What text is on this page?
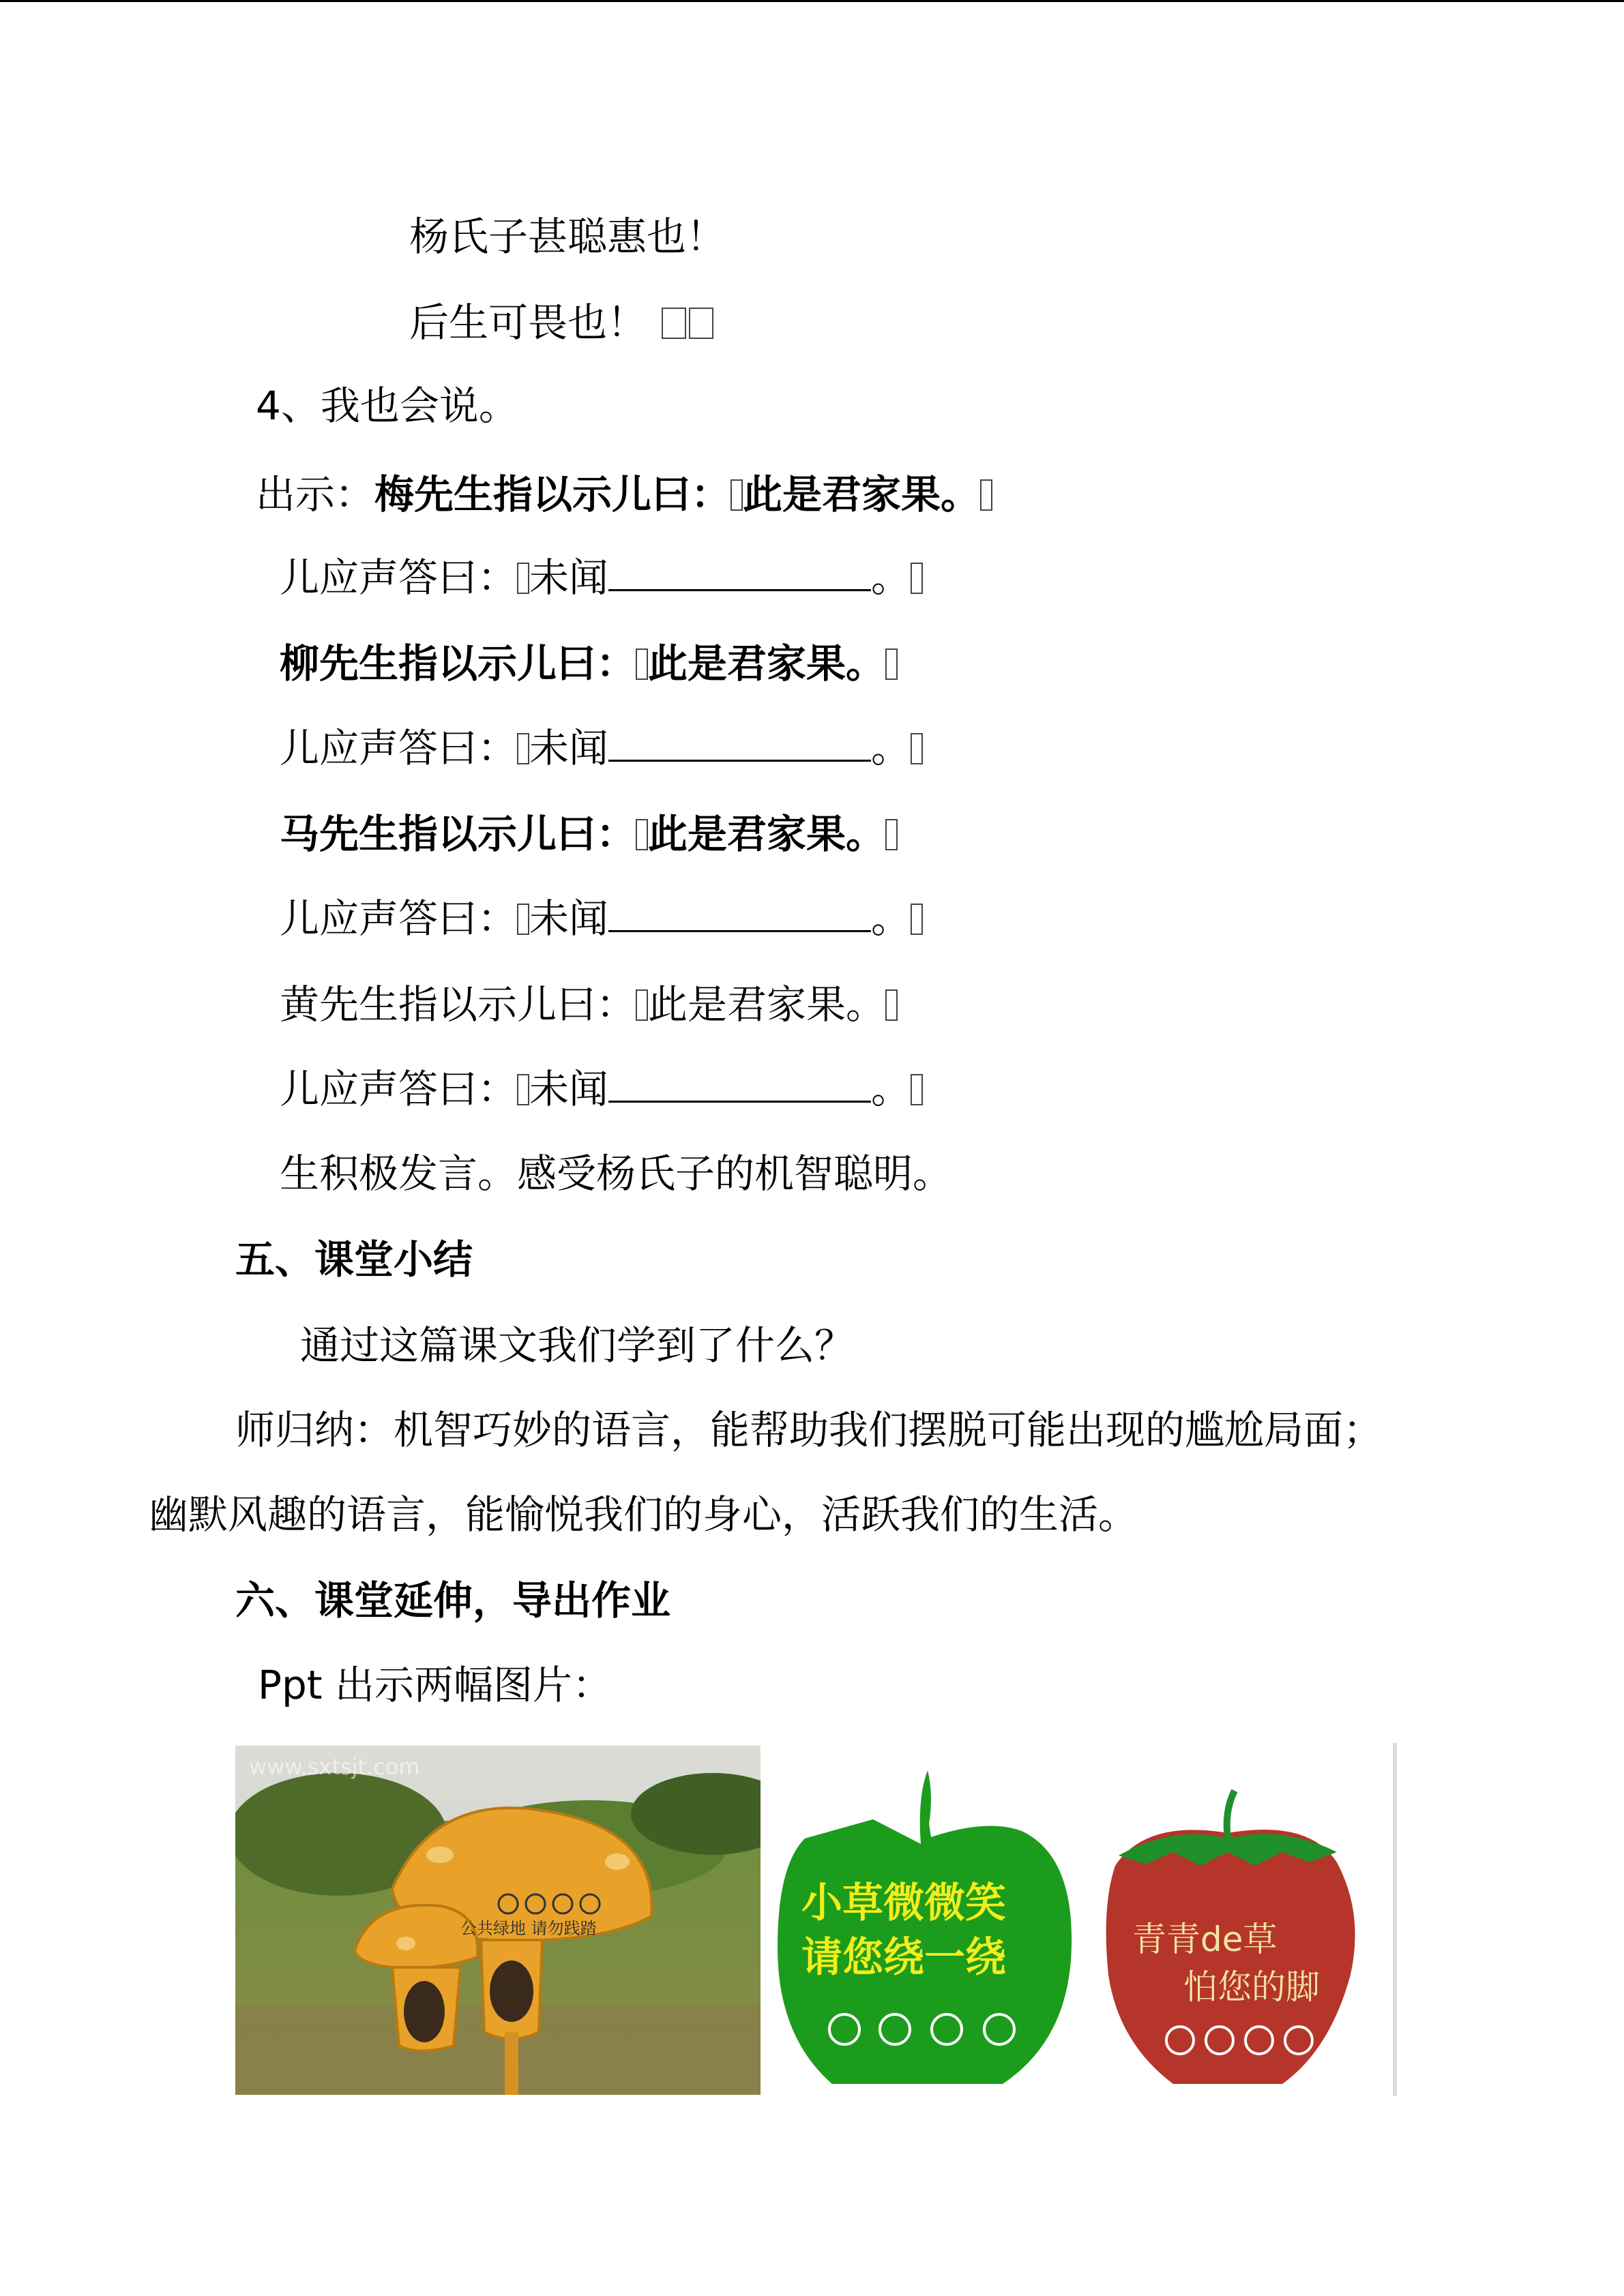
杨氏子甚聪惠也！
后生可畏也！
4、我也会说。
出示：梅先生指以示儿曰： 此是君家果。
儿应声答曰： 未闻	。
柳先生指以示儿曰： 此是君家果。
儿应声答曰： 未闻	。
马先生指以示儿曰： 此是君家果。
儿应声答曰： 未闻	。
黄先生指以示儿曰： 此是君家果。
儿应声答曰： 未闻	。
生积极发言。感受杨氏子的机智聪明。
五、课堂小结
通过这篇课文我们学到了什么？
师归纳：机智巧妙的语言，能帮助我们摆脱可能出现的尴尬局面；
幽默风趣的语言，能愉悦我们的身心，活跃我们的生活。
六、课堂延伸，导出作业
Ppt 出示两幅图片：
公共绿地 请勿践踏
www.sxtsjt.com
小草微微笑
请您绕一绕	青青de草
怕您的脚
